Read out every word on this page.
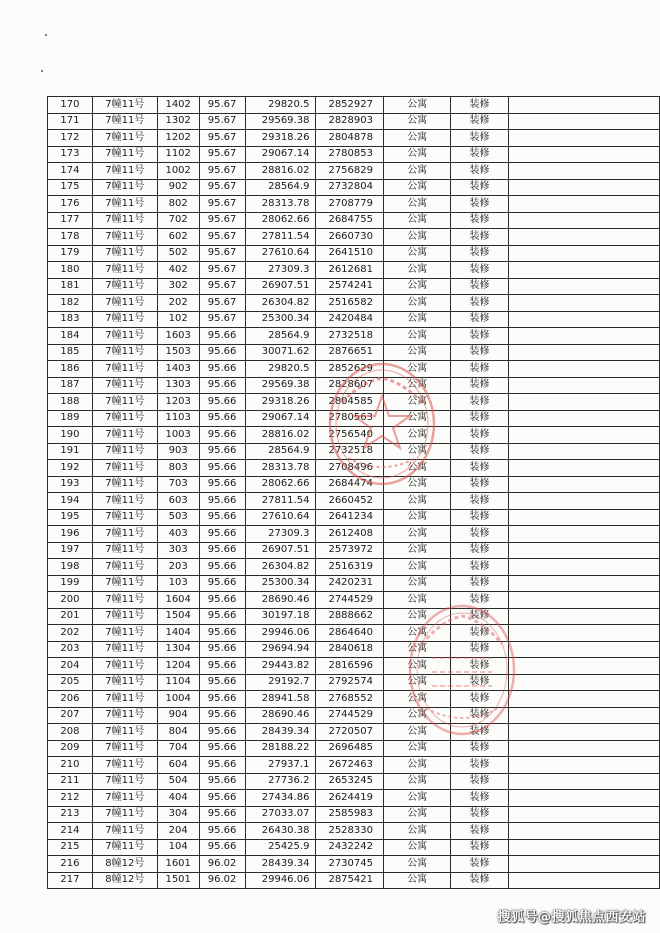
170	7幢11号	1402	95.67	29820.5	2852927	公寓	装修	
171	7幢11号	1302	95.67	29569.38	2828903	公寓	装修	
172	7幢11号	1202	95.67	29318.26	2804878	公寓	装修	
173	7幢11号	1102	95.67	29067.14	2780853	公寓	装修	
174	7幢11号	1002	95.67	28816.02	2756829	公寓	装修	
175	7幢11号	902	95.67	28564.9	2732804	公寓	装修	
176	7幢11号	802	95.67	28313.78	2708779	公寓	装修	
177	7幢11号	702	95.67	28062.66	2684755	公寓	装修	
178	7幢11号	602	95.67	27811.54	2660730	公寓	装修	
179	7幢11号	502	95.67	27610.64	2641510	公寓	装修	
180	7幢11号	402	95.67	27309.3	2612681	公寓	装修	
181	7幢11号	302	95.67	26907.51	2574241	公寓	装修	
182	7幢11号	202	95.67	26304.82	2516582	公寓	装修	
183	7幢11号	102	95.67	25300.34	2420484	公寓	装修	
184	7幢11号	1603	95.66	28564.9	2732518	公寓	装修	
185	7幢11号	1503	95.66	30071.62	2876651	公寓	装修	
186	7幢11号	1403	95.66	29820.5	2852629	公寓	装修	
187	7幢11号	1303	95.66	29569.38	2828607	公寓	装修	
188	7幢11号	1203	95.66	29318.26	2804585	公寓	装修	
189	7幢11号	1103	95.66	29067.14	2780563	公寓	装修	
190	7幢11号	1003	95.66	28816.02	2756540	公寓	装修	
191	7幢11号	903	95.66	28564.9	2732518	公寓	装修	
192	7幢11号	803	95.66	28313.78	2708496	公寓	装修	
193	7幢11号	703	95.66	28062.66	2684474	公寓	装修	
194	7幢11号	603	95.66	27811.54	2660452	公寓	装修	
195	7幢11号	503	95.66	27610.64	2641234	公寓	装修	
196	7幢11号	403	95.66	27309.3	2612408	公寓	装修	
197	7幢11号	303	95.66	26907.51	2573972	公寓	装修	
198	7幢11号	203	95.66	26304.82	2516319	公寓	装修	
199	7幢11号	103	95.66	25300.34	2420231	公寓	装修	
200	7幢11号	1604	95.66	28690.46	2744529	公寓	装修	
201	7幢11号	1504	95.66	30197.18	2888662	公寓	装修	
202	7幢11号	1404	95.66	29946.06	2864640	公寓	装修	
203	7幢11号	1304	95.66	29694.94	2840618	公寓	装修	
204	7幢11号	1204	95.66	29443.82	2816596	公寓	装修	
205	7幢11号	1104	95.66	29192.7	2792574	公寓	装修	
206	7幢11号	1004	95.66	28941.58	2768552	公寓	装修	
207	7幢11号	904	95.66	28690.46	2744529	公寓	装修	
208	7幢11号	804	95.66	28439.34	2720507	公寓	装修	
209	7幢11号	704	95.66	28188.22	2696485	公寓	装修	
210	7幢11号	604	95.66	27937.1	2672463	公寓	装修	
211	7幢11号	504	95.66	27736.2	2653245	公寓	装修	
212	7幢11号	404	95.66	27434.86	2624419	公寓	装修	
213	7幢11号	304	95.66	27033.07	2585983	公寓	装修	
214	7幢11号	204	95.66	26430.38	2528330	公寓	装修	
215	7幢11号	104	95.66	25425.9	2432242	公寓	装修	
216	8幢12号	1601	96.02	28439.34	2730745	公寓	装修	
217	8幢12号	1501	96.02	29946.06	2875421	公寓	装修	
搜狐号@搜狐焦点西安站
